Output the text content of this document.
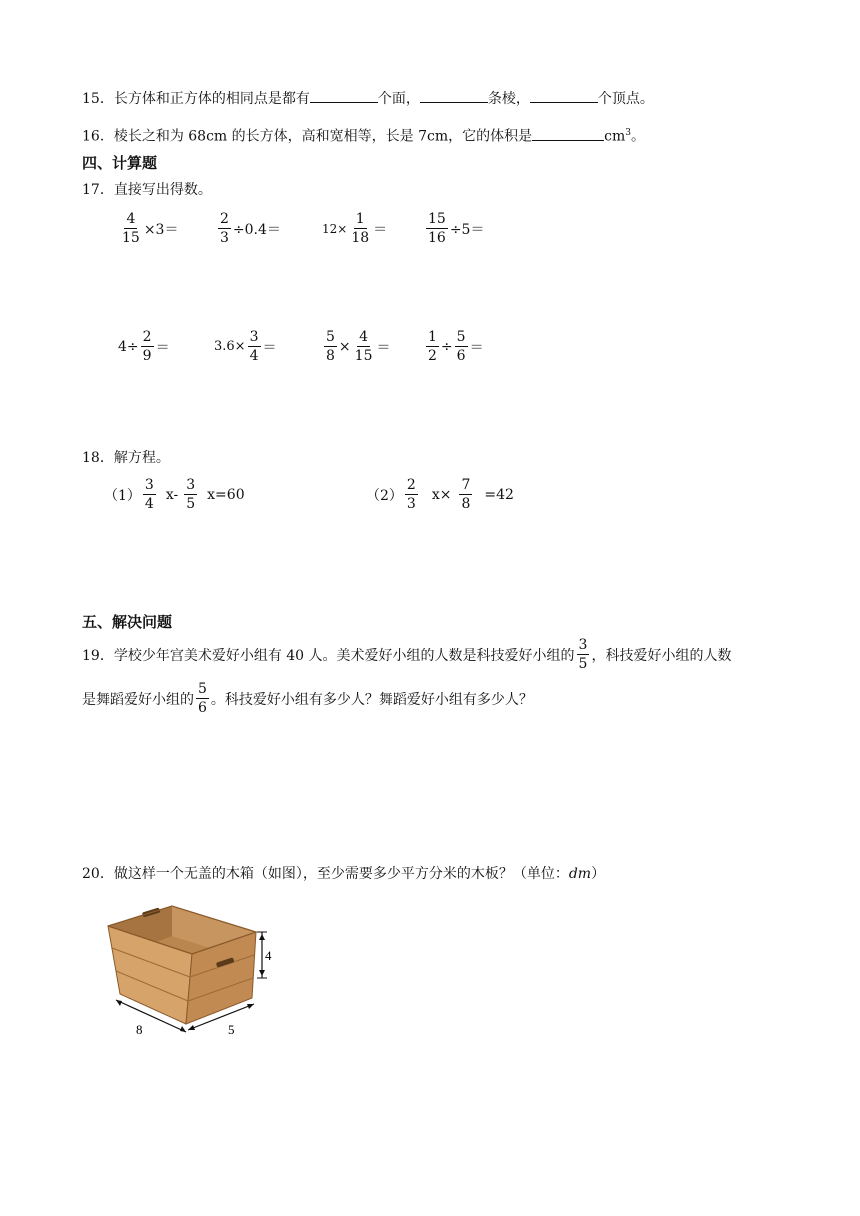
15．长方体和正方体的相同点是都有	个面，	条棱，	个顶点。
16．棱长之和为 68cm 的长方体，高和宽相等，长是 7cm，它的体积是	$cm^3$。
四、计算题
17．直接写出得数。
$\frac{4}{15} \times 3=$	$\frac{2}{3} \div 0.4=$	$12\times \frac{1}{18}$ ＝	$\frac{15}{16} \div 5=$
$4\div \frac{2}{9}$ ＝	$3.6\times \frac{3}{4}$ ＝	$\frac{5}{8} \times \frac{4}{15}$ ＝	$\frac{1}{2} \div \frac{5}{6}$ ＝
18．解方程。
$(1) \frac{3}{4} x- \frac{3}{5} x=60$	$(2) \frac{2}{3} x\times \frac{7}{8} =42$
五、解决问题
19． 学校少年宫美术爱好小组有 40 人。美术爱好小组的人数是科技爱好小组的 $\frac{3}{5}$ ，科技爱好小组的人数
是舞蹈爱好小组的 $\frac{5}{6}$ 。科技爱好小组有多少人？舞蹈爱好小组有多少人？
20．做这样一个无盖的木箱（如图），至少需要多少平方分米的木板？（单位：dm）
4
8	5
